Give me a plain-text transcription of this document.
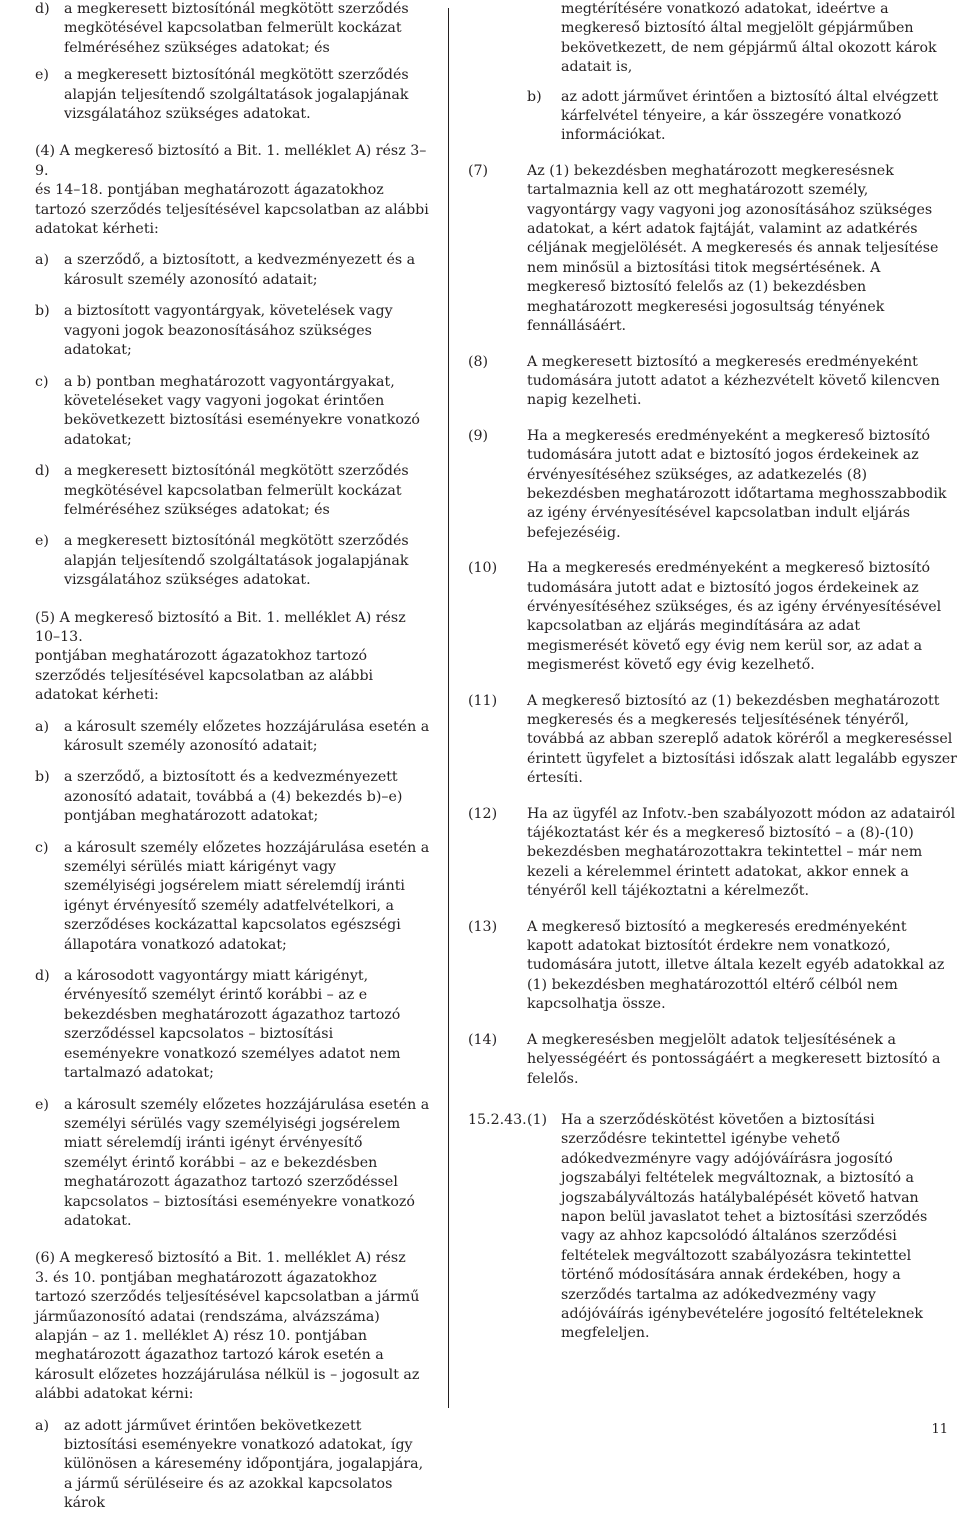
d) a megkeresett biztosítónál megkötött szerződés megkötésével kapcsolatban felmerült kockázat felméréséhez szükséges adatokat; és

e) a megkeresett biztosítónál megkötött szerződés alapján teljesítendő szolgáltatások jogalapjának vizsgálatához szükséges adatokat.

(4) A megkereső biztosító a Bit. 1. melléklet A) rész 3–9.

és 14–18. pontjában meghatározott ágazatokhoz tartozó szerződés teljesítésével kapcsolatban az alábbi adatokat kérheti:

a) a szerződő, a biztosított, a kedvezményezett és a károsult személy azonosító adatait;

b) a biztosított vagyontárgyak, követelések vagy vagyoni jogok beazonosításához szükséges adatokat;

c) a b) pontban meghatározott vagyontárgyakat, követeléseket vagy vagyoni jogokat érintően bekövetkezett biztosítási eseményekre vonatkozó adatokat;

d) a megkeresett biztosítónál megkötött szerződés megkötésével kapcsolatban felmerült kockázat felméréséhez szükséges adatokat; és

e) a megkeresett biztosítónál megkötött szerződés alapján teljesítendő szolgáltatások jogalapjának vizsgálatához szükséges adatokat.

(5) A megkereső biztosító a Bit. 1. melléklet A) rész 10–13.

pontjában meghatározott ágazatokhoz tartozó szerződés teljesítésével kapcsolatban az alábbi adatokat kérheti:

a) a károsult személy előzetes hozzájárulása esetén a károsult személy azonosító adatait;

b) a szerződő, a biztosított és a kedvezményezett azonosító adatait, továbbá a (4) bekezdés b)–e) pontjában meghatározott adatokat;

c) a károsult személy előzetes hozzájárulása esetén a személyi sérülés miatt kárigényt vagy személyiségi jogsérelem miatt sérelemdíj iránti igényt érvényesítő személy adatfelvételkori, a szerződéses kockázattal kapcsolatos egészségi állapotára vonatkozó adatokat;

d) a károsodott vagyontárgy miatt kárigényt, érvényesítő személyt érintő korábbi – az e bekezdésben meghatározott ágazathoz tartozó szerződéssel kapcsolatos – biztosítási eseményekre vonatkozó személyes adatot nem tartalmazó adatokat;

e) a károsult személy előzetes hozzájárulása esetén a személyi sérülés vagy személyiségi jogsérelem miatt sérelemdíj iránti igényt érvényesítő személyt érintő korábbi – az e bekezdésben meghatározott ágazathoz tartozó szerződéssel kapcsolatos – biztosítási eseményekre vonatkozó adatokat.

(6) A megkereső biztosító a Bit. 1. melléklet A) rész

3. és 10. pontjában meghatározott ágazatokhoz tartozó szerződés teljesítésével kapcsolatban a jármű járműazonosító adatai (rendszáma, alvázszáma) alapján – az 1. melléklet A) rész 10. pontjában meghatározott ágazathoz tartozó károk esetén a károsult előzetes hozzájárulása nélkül is – jogosult az alábbi adatokat kérni:

a) az adott járművet érintően bekövetkezett biztosítási eseményekre vonatkozó adatokat, így különösen a káresemény időpontjára, jogalapjára, a jármű sérüléseire és az azokkal kapcsolatos károk

megtérítésére vonatkozó adatokat, ideértve a megkereső biztosító által megjelölt gépjárműben bekövetkezett, de nem gépjármű által okozott károk adatait is,

b) az adott járművet érintően a biztosító által elvégzett kárfelvétel tényeire, a kár összegére vonatkozó információkat.

(7)	Az (1) bekezdésben meghatározott megkeresésnek tartalmaznia kell az ott meghatározott személy, vagyontárgy vagy vagyoni jog azonosításához szükséges adatokat, a kért adatok fajtáját, valamint az adatkérés céljának megjelölését. A megkeresés és annak teljesítése nem minősül a biztosítási titok megsértésének. A megkereső biztosító felelős az (1) bekezdésben meghatározott megkeresési jogosultság tényének fennállásáért.

(8)	A megkeresett biztosító a megkeresés eredményeként tudomására jutott adatot a kézhezvételt követő kilencven napig kezelheti.

(9)	Ha a megkeresés eredményeként a megkereső biztosító tudomására jutott adat e biztosító jogos érdekeinek az érvényesítéséhez szükséges, az adatkezelés (8) bekezdésben meghatározott időtartama meghosszabbodik az igény érvényesítésével kapcsolatban indult eljárás befejezéséig.

(10) Ha a megkeresés eredményeként a megkereső biztosító tudomására jutott adat e biztosító jogos érdekeinek az érvényesítéséhez szükséges, és az igény érvényesítésével kapcsolatban az eljárás megindítására az adat megismerését követő egy évig nem kerül sor, az adat a megismerést követő egy évig kezelhető.

(11) A megkereső biztosító az (1) bekezdésben meghatározott megkeresés és a megkeresés teljesítésének tényéről, továbbá az abban szereplő adatok köréről a megkereséssel érintett ügyfelet a biztosítási időszak alatt legalább egyszer értesíti.

(12) Ha az ügyfél az Infotv.-ben szabályozott módon az adatairól tájékoztatást kér és a megkereső biztosító – a (8)-(10) bekezdésben meghatározottakra tekintettel – már nem kezeli a kérelemmel érintett adatokat, akkor ennek a tényéről kell tájékoztatni a kérelmezőt.

(13) A megkereső biztosító a megkeresés eredményeként kapott adatokat biztosítót érdekre nem vonatkozó, tudomására jutott, illetve általa kezelt egyéb adatokkal az (1) bekezdésben meghatározottól eltérő célból nem kapcsolhatja össze.

(14) A megkeresésben megjelölt adatok teljesítésének a helyességéért és pontosságáért a megkeresett biztosító a felelős.

15.2.43. (1) Ha a szerződéskötést követően a biztosítási szerződésre tekintettel igénybe vehető adókedvezményre vagy adójóváírásra jogosító jogszabályi feltételek megváltoznak, a biztosító a jogszabályváltozás hatálybalépését követő hatvan napon belül javaslatot tehet a biztosítási szerződés vagy az ahhoz kapcsolódó általános szerződési feltételek megváltozott szabályozásra tekintettel történő módosítására annak érdekében, hogy a szerződés tartalma az adókedvezmény vagy adójóváírás igénybevételére jogosító feltételeknek megfeleljen.

11
